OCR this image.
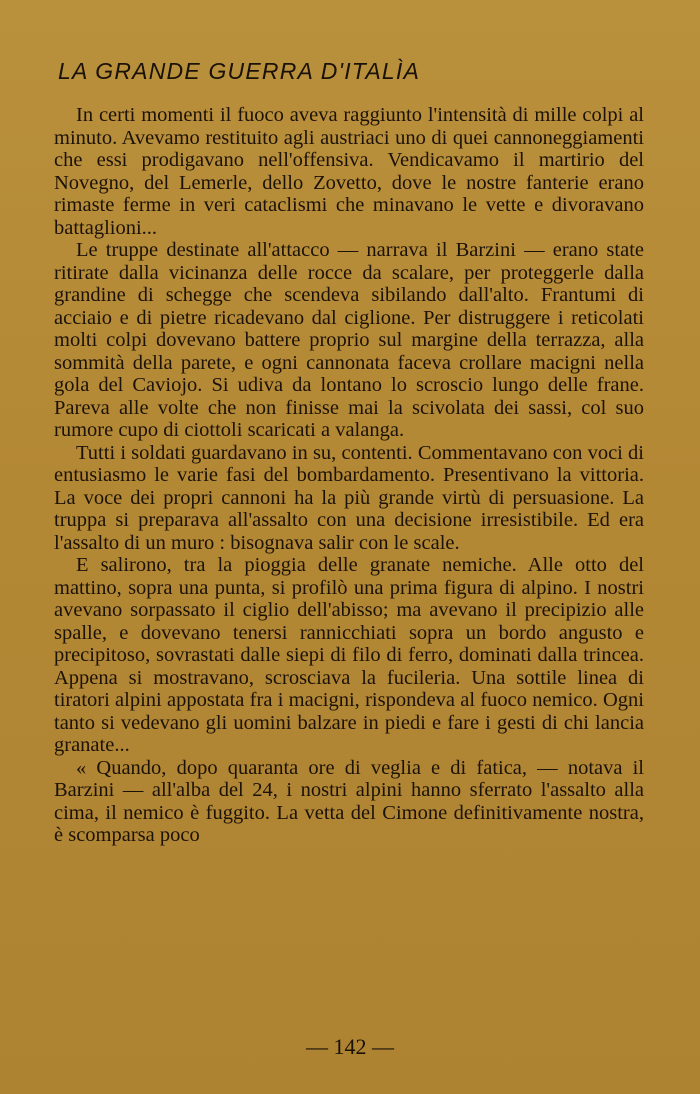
LA GRANDE GUERRA D'ITALÌA

In certi momenti il fuoco aveva raggiunto l'intensità di mille colpi al minuto. Avevamo restituito agli austriaci uno di quei cannoneggiamenti che essi prodigavano nell'offensiva. Vendicavamo il martirio del Novegno, del Lemerle, dello Zovetto, dove le nostre fanterie erano rimaste ferme in veri cataclismi che minavano le vette e divoravano battaglioni...

Le truppe destinate all'attacco — narrava il Barzini — erano state ritirate dalla vicinanza delle rocce da scalare, per proteggerle dalla grandine di schegge che scendeva sibilando dall'alto. Frantumi di acciaio e di pietre ricadevano dal ciglione. Per distruggere i reticolati molti colpi dovevano battere proprio sul margine della terrazza, alla sommità della parete, e ogni cannonata faceva crollare macigni nella gola del Caviojo. Si udiva da lontano lo scroscio lungo delle frane. Pareva alle volte che non finisse mai la scivolata dei sassi, col suo rumore cupo di ciottoli scaricati a valanga.

Tutti i soldati guardavano in su, contenti. Commentavano con voci di entusiasmo le varie fasi del bombardamento. Presentivano la vittoria. La voce dei propri cannoni ha la più grande virtù di persuasione. La truppa si preparava all'assalto con una decisione irresistibile. Ed era l'assalto di un muro : bisognava salir con le scale.

E salirono, tra la pioggia delle granate nemiche. Alle otto del mattino, sopra una punta, si profilò una prima figura di alpino. I nostri avevano sorpassato il ciglio dell'abisso; ma avevano il precipizio alle spalle, e dovevano tenersi rannicchiati sopra un bordo angusto e precipitoso, sovrastati dalle siepi di filo di ferro, dominati dalla trincea. Appena si mostravano, scrosciava la fucileria. Una sottile linea di tiratori alpini appostata fra i macigni, rispondeva al fuoco nemico. Ogni tanto si vedevano gli uomini balzare in piedi e fare i gesti di chi lancia granate...

« Quando, dopo quaranta ore di veglia e di fatica, — notava il Barzini — all'alba del 24, i nostri alpini hanno sferrato l'assalto alla cima, il nemico è fuggito. La vetta del Cimone definitivamente nostra, è scomparsa poco

— 142 —
